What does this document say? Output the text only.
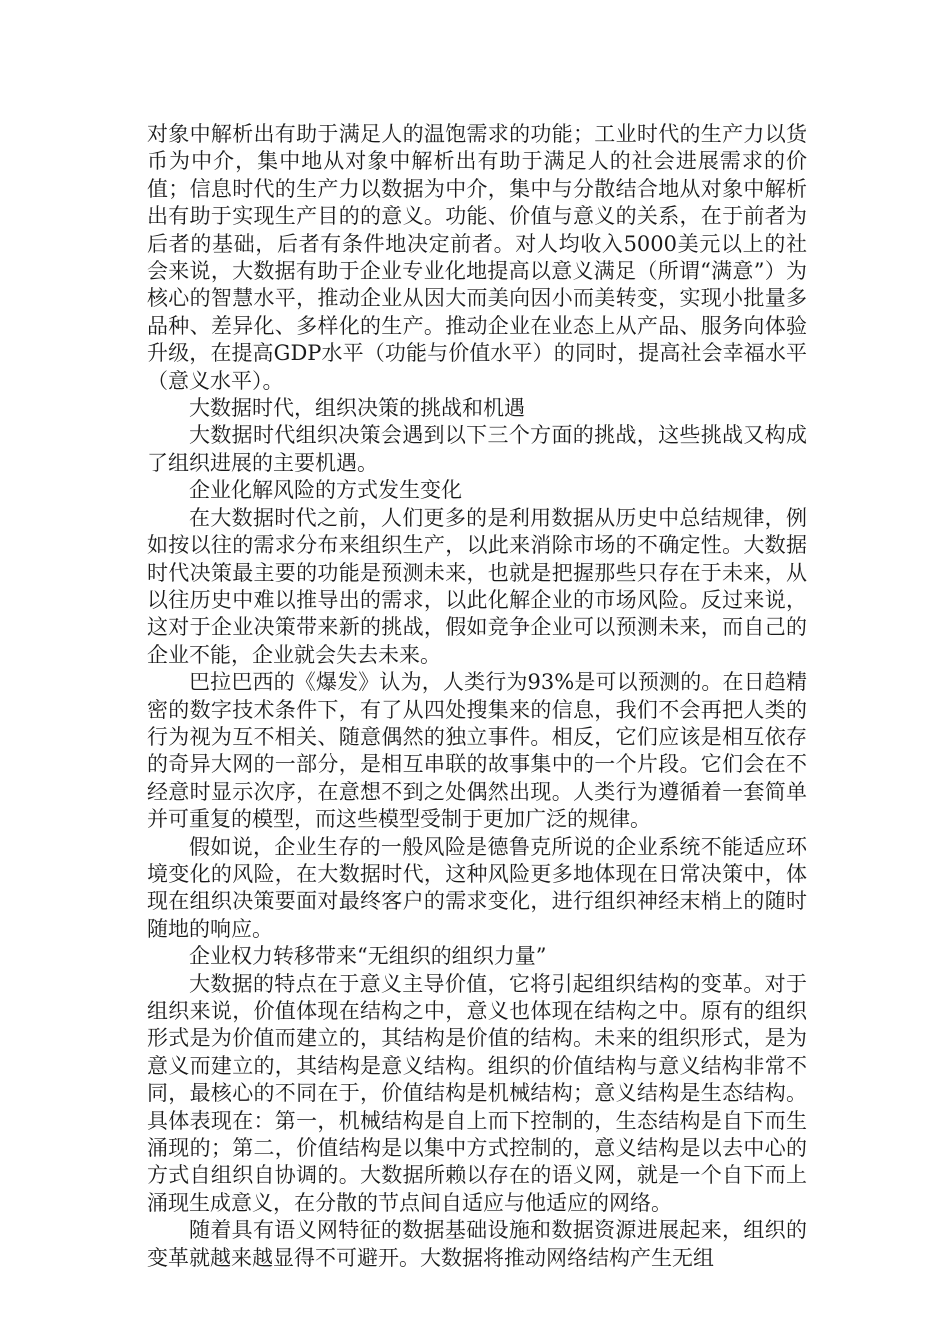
对象中解析出有助于满足人的温饱需求的功能；工业时代的生产力以货币为中介，集中地从对象中解析出有助于满足人的社会进展需求的价值；信息时代的生产力以数据为中介，集中与分散结合地从对象中解析出有助于实现生产目的的意义。功能、价值与意义的关系，在于前者为后者的基础，后者有条件地决定前者。对人均收入5000美元以上的社会来说，大数据有助于企业专业化地提高以意义满足（所谓“满意”）为核心的智慧水平，推动企业从因大而美向因小而美转变，实现小批量多品种、差异化、多样化的生产。推动企业在业态上从产品、服务向体验升级，在提高GDP水平（功能与价值水平）的同时，提高社会幸福水平（意义水平）。

大数据时代，组织决策的挑战和机遇

大数据时代组织决策会遇到以下三个方面的挑战，这些挑战又构成了组织进展的主要机遇。

企业化解风险的方式发生变化

在大数据时代之前，人们更多的是利用数据从历史中总结规律，例如按以往的需求分布来组织生产，以此来消除市场的不确定性。大数据时代决策最主要的功能是预测未来，也就是把握那些只存在于未来，从以往历史中难以推导出的需求，以此化解企业的市场风险。反过来说，这对于企业决策带来新的挑战，假如竞争企业可以预测未来，而自己的企业不能，企业就会失去未来。

巴拉巴西的《爆发》认为，人类行为93%是可以预测的。在日趋精密的数字技术条件下，有了从四处搜集来的信息，我们不会再把人类的行为视为互不相关、随意偶然的独立事件。相反，它们应该是相互依存的奇异大网的一部分，是相互串联的故事集中的一个片段。它们会在不经意时显示次序，在意想不到之处偶然出现。人类行为遵循着一套简单并可重复的模型，而这些模型受制于更加广泛的规律。

假如说，企业生存的一般风险是德鲁克所说的企业系统不能适应环境变化的风险，在大数据时代，这种风险更多地体现在日常决策中，体现在组织决策要面对最终客户的需求变化，进行组织神经末梢上的随时随地的响应。

企业权力转移带来“无组织的组织力量”

大数据的特点在于意义主导价值，它将引起组织结构的变革。对于组织来说，价值体现在结构之中，意义也体现在结构之中。原有的组织形式是为价值而建立的，其结构是价值的结构。未来的组织形式，是为意义而建立的，其结构是意义结构。组织的价值结构与意义结构非常不同，最核心的不同在于，价值结构是机械结构；意义结构是生态结构。具体表现在：第一，机械结构是自上而下控制的，生态结构是自下而生涌现的；第二，价值结构是以集中方式控制的，意义结构是以去中心的方式自组织自协调的。大数据所赖以存在的语义网，就是一个自下而上涌现生成意义，在分散的节点间自适应与他适应的网络。

随着具有语义网特征的数据基础设施和数据资源进展起来，组织的变革就越来越显得不可避开。大数据将推动网络结构产生无组
